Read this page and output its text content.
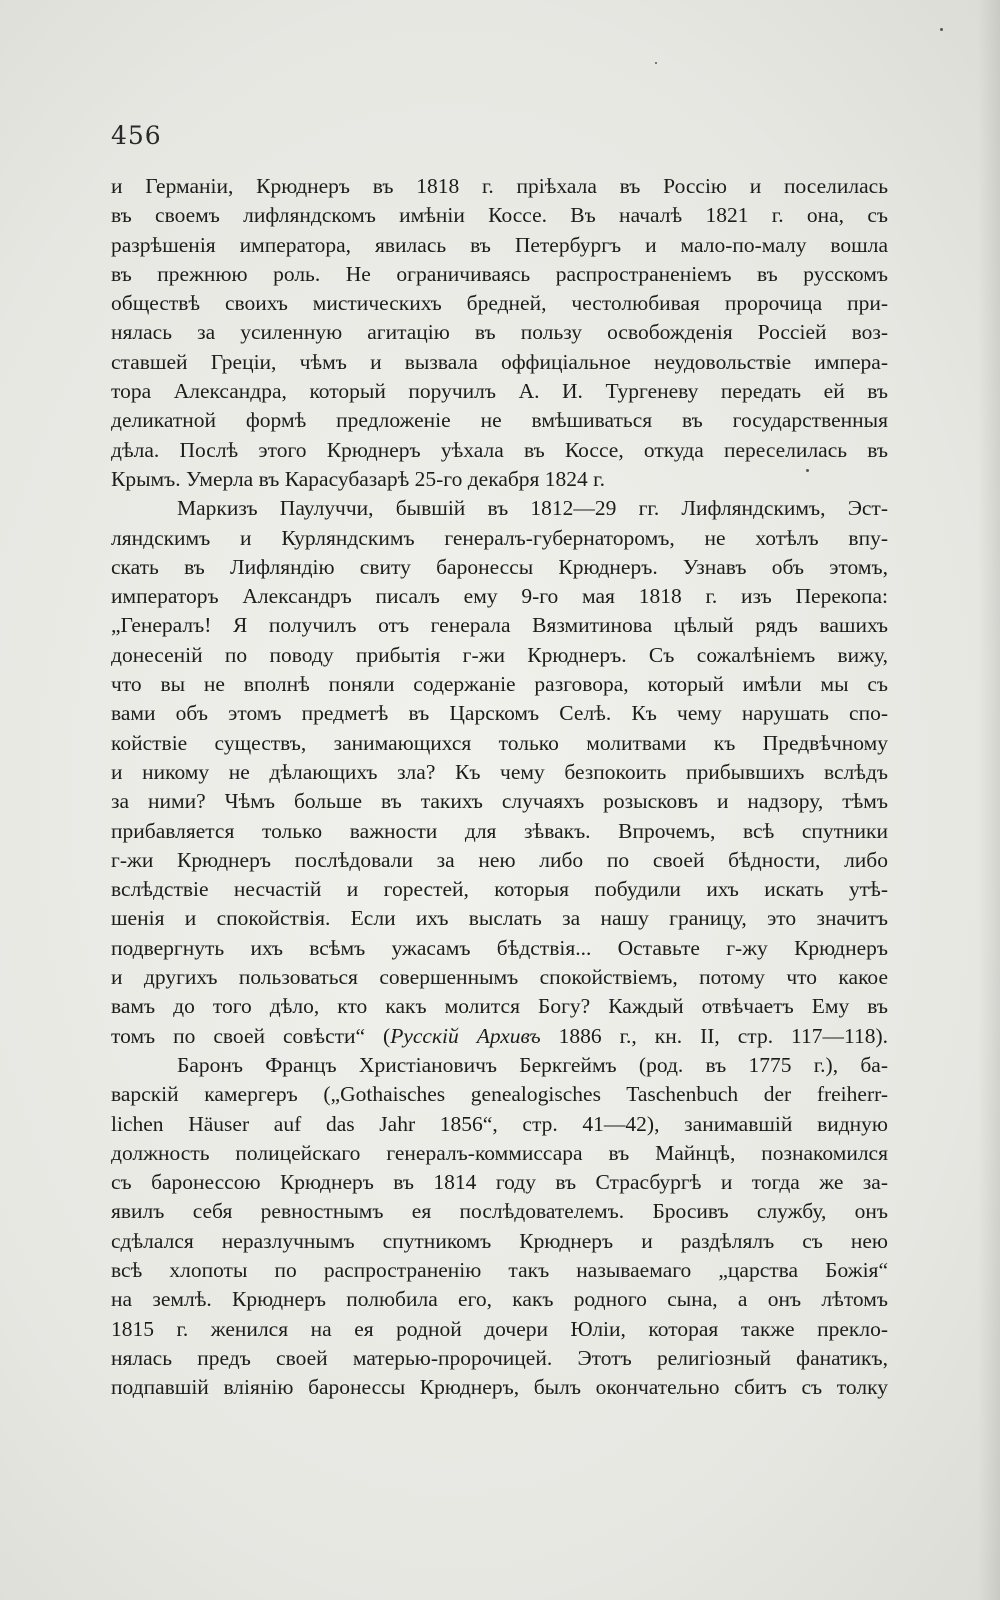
456
и Германіи, Крюднеръ въ 1818 г. пріѣхала въ Россію и поселилась
въ своемъ лифляндскомъ имѣніи Коссе. Въ началѣ 1821 г. она, съ
разрѣшенія императора, явилась въ Петербургъ и мало-по-малу вошла
въ прежнюю роль. Не ограничиваясь распространеніемъ въ русскомъ
обществѣ своихъ мистическихъ бредней, честолюбивая пророчица при-
нялась за усиленную агитацію въ пользу освобожденія Россіей воз-
ставшей Греціи, чѣмъ и вызвала оффиціальное неудовольствіе импера-
тора Александра, который поручилъ А. И. Тургеневу передать ей въ
деликатной формѣ предложеніе не вмѣшиваться въ государственныя
дѣла. Послѣ этого Крюднеръ уѣхала въ Коссе, откуда переселилась въ
Крымъ. Умерла въ Карасубазарѣ 25-го декабря 1824 г.
Маркизъ Паулуччи, бывшій въ 1812—29 гг. Лифляндскимъ, Эст-
ляндскимъ и Курляндскимъ генералъ-губернаторомъ, не хотѣлъ впу-
скать въ Лифляндію свиту баронессы Крюднеръ. Узнавъ объ этомъ,
императоръ Александръ писалъ ему 9-го мая 1818 г. изъ Перекопа:
„Генералъ! Я получилъ отъ генерала Вязмитинова цѣлый рядъ вашихъ
донесеній по поводу прибытія г-жи Крюднеръ. Съ сожалѣніемъ вижу,
что вы не вполнѣ поняли содержаніе разговора, который имѣли мы съ
вами объ этомъ предметѣ въ Царскомъ Селѣ. Къ чему нарушать спо-
койствіе существъ, занимающихся только молитвами къ Предвѣчному
и никому не дѣлающихъ зла? Къ чему безпокоить прибывшихъ вслѣдъ
за ними? Чѣмъ больше въ такихъ случаяхъ розысковъ и надзору, тѣмъ
прибавляется только важности для зѣвакъ. Впрочемъ, всѣ спутники
г-жи Крюднеръ послѣдовали за нею либо по своей бѣдности, либо
вслѣдствіе несчастій и горестей, которыя побудили ихъ искать утѣ-
шенія и спокойствія. Если ихъ выслать за нашу границу, это значитъ
подвергнуть ихъ всѣмъ ужасамъ бѣдствія... Оставьте г-жу Крюднеръ
и другихъ пользоваться совершеннымъ спокойствіемъ, потому что какое
вамъ до того дѣло, кто какъ молится Богу? Каждый отвѣчаетъ Ему въ
томъ по своей совѣсти“ (Русскій Архивъ 1886 г., кн. II, стр. 117—118).
Баронъ Францъ Христіановичъ Беркгеймъ (род. въ 1775 г.), ба-
варскій камергеръ („Gothaisches genealogisches Taschenbuch der freiherr-
lichen Häuser auf das Jahr 1856“, стр. 41—42), занимавшій видную
должность полицейскаго генералъ-коммиссара въ Майнцѣ, познакомился
съ баронессою Крюднеръ въ 1814 году въ Страсбургѣ и тогда же за-
явилъ себя ревностнымъ ея послѣдователемъ. Бросивъ службу, онъ
сдѣлался неразлучнымъ спутникомъ Крюднеръ и раздѣлялъ съ нею
всѣ хлопоты по распространенію такъ называемаго „царства Божія“
на землѣ. Крюднеръ полюбила его, какъ родного сына, а онъ лѣтомъ
1815 г. женился на ея родной дочери Юліи, которая также прекло-
нялась предъ своей матерью-пророчицей. Этотъ религіозный фанатикъ,
подпавшій вліянію баронессы Крюднеръ, былъ окончательно сбитъ съ толку
